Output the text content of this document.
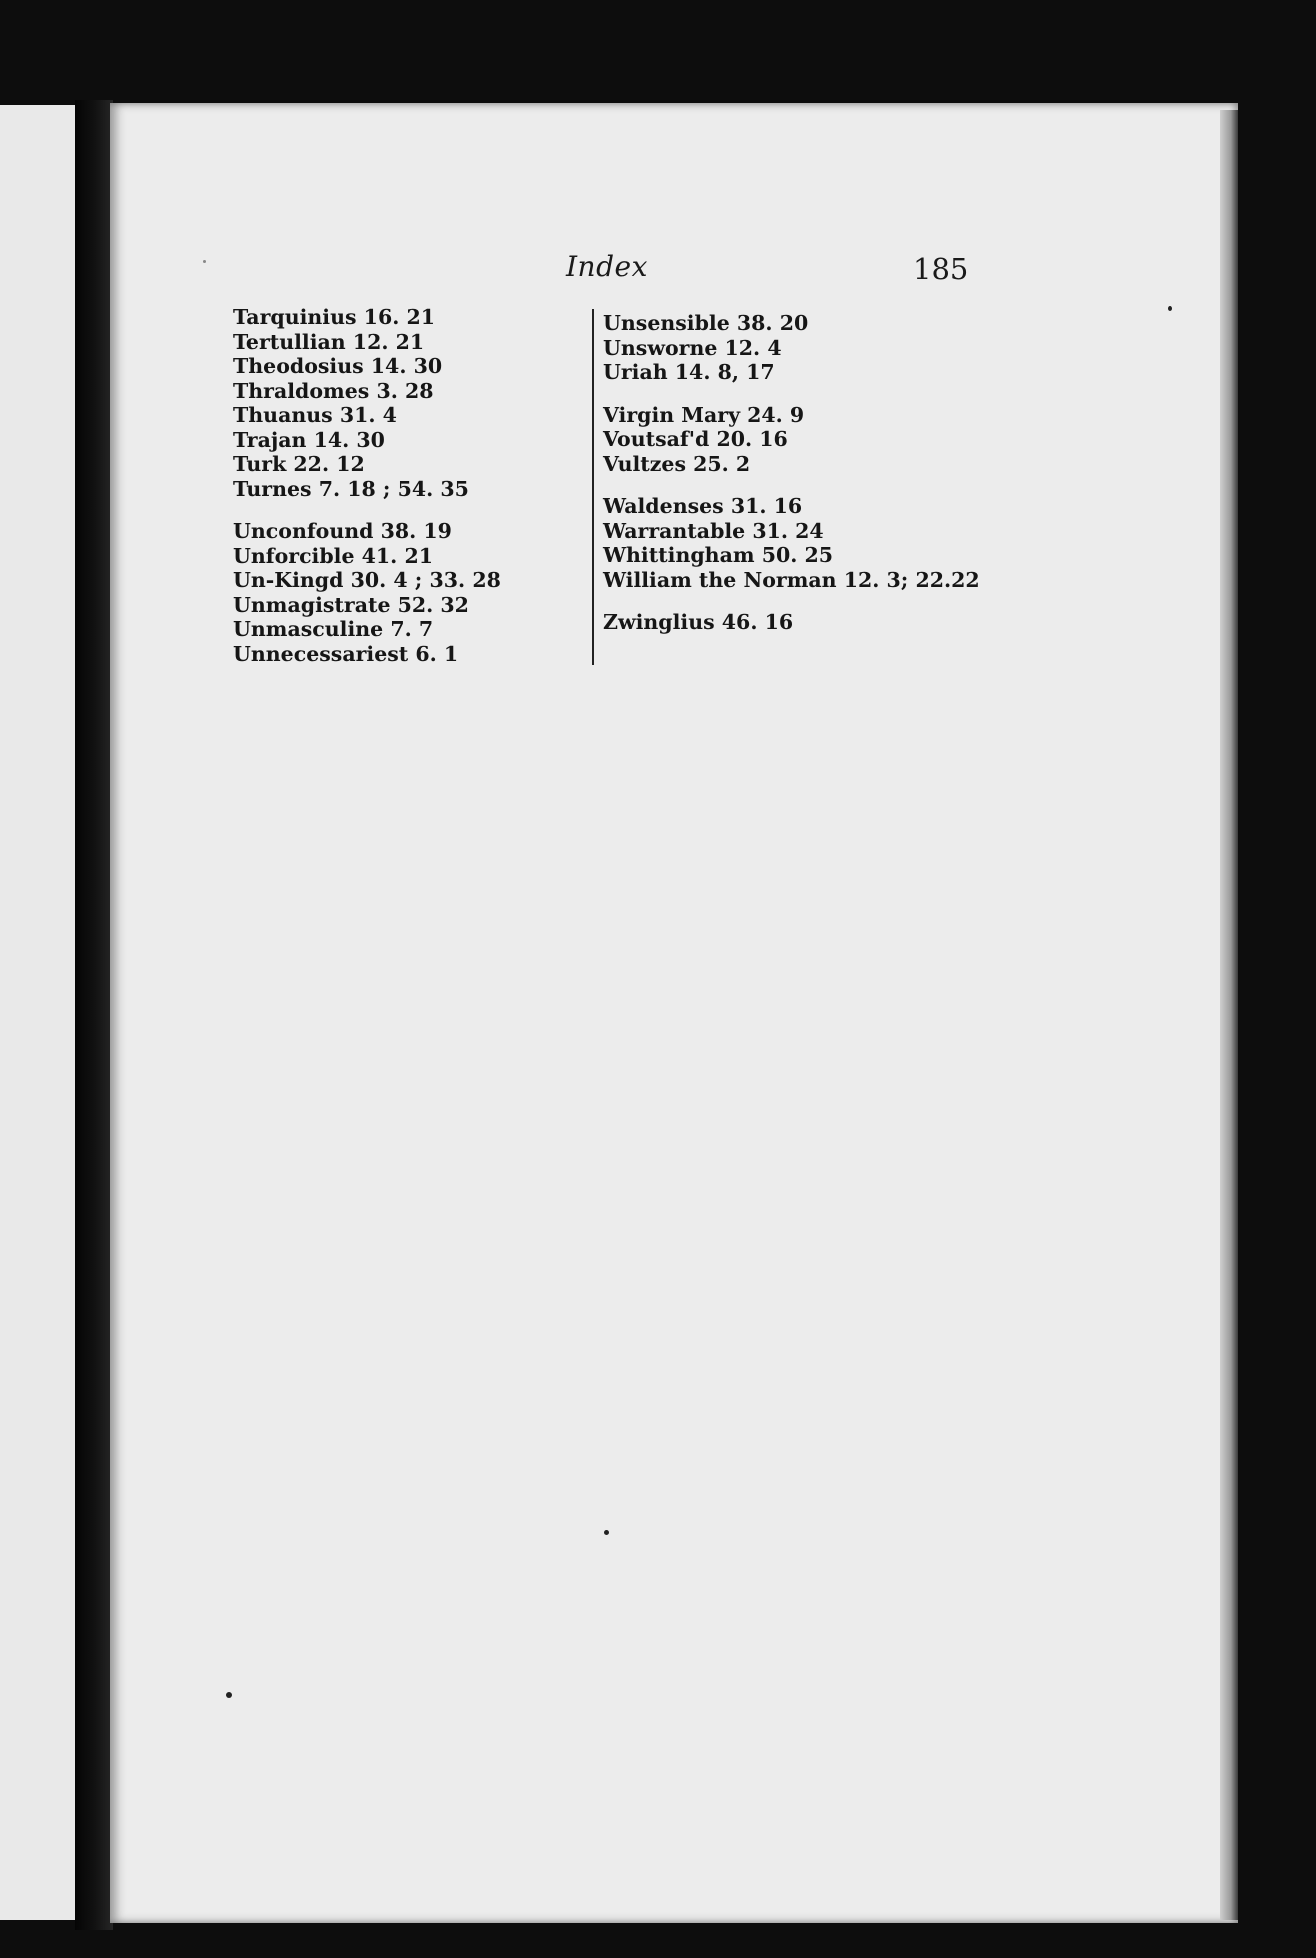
Index	185
Tarquinius 16. 21
Tertullian 12. 21
Theodosius 14. 30
Thraldomes 3. 28
Thuanus 31. 4
Trajan 14. 30
Turk 22. 12
Turnes 7. 18 ; 54. 35
Unconfound 38. 19
Unforcible 41. 21
Un-Kingd 30. 4 ; 33. 28
Unmagistrate 52. 32
Unmasculine 7. 7
Unnecessariest 6. 1
Unsensible 38. 20
Unsworne 12. 4
Uriah 14. 8, 17
Virgin Mary 24. 9
Voutsaf'd 20. 16
Vultzes 25. 2
Waldenses 31. 16
Warrantable 31. 24
Whittingham 50. 25
William the Norman 12. 3; 22.22
Zwinglius 46. 16
